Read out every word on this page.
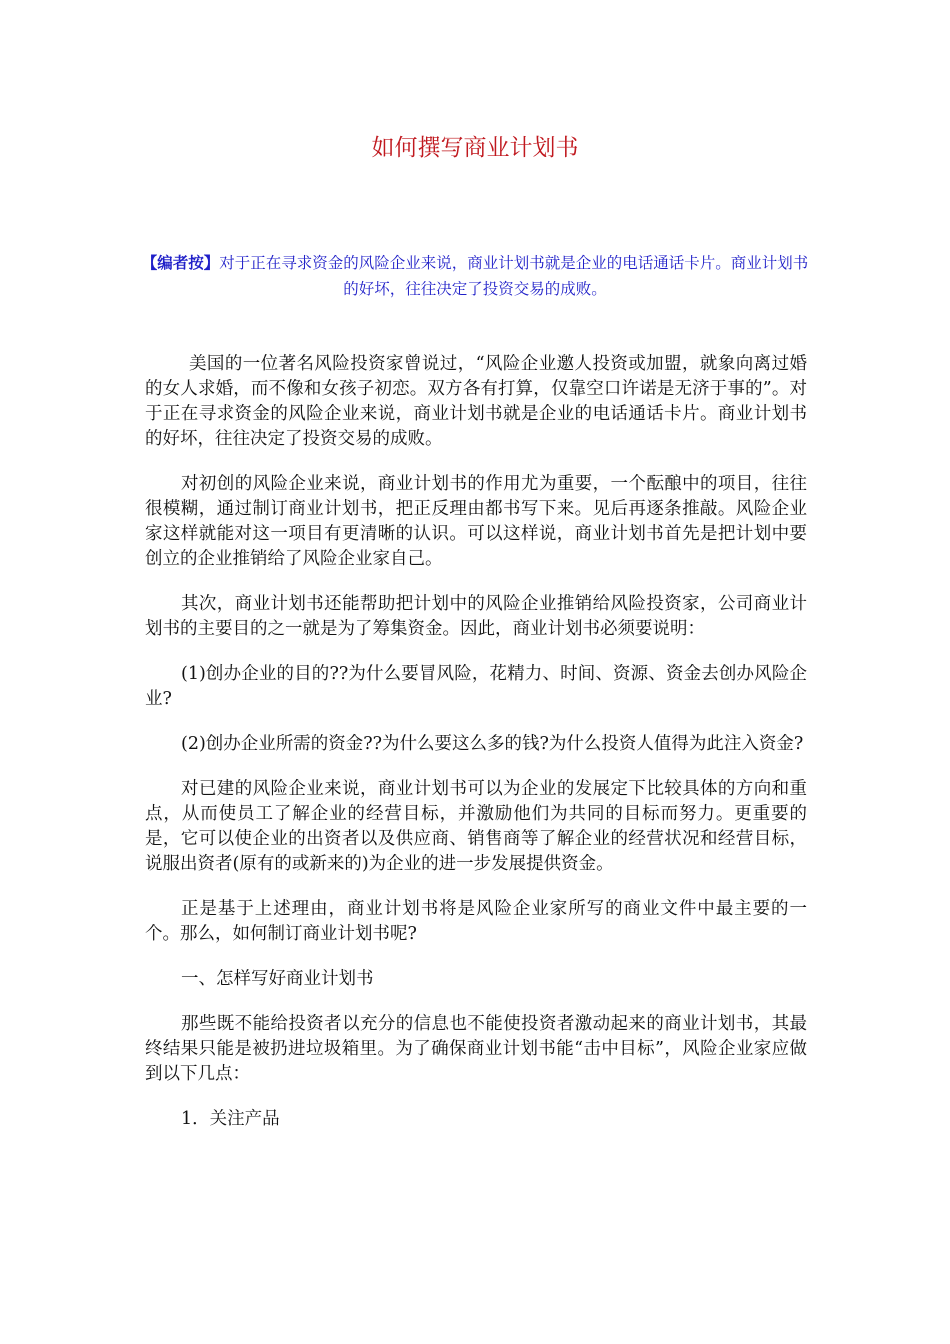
如何撰写商业计划书

【编者按】对于正在寻求资金的风险企业来说，商业计划书就是企业的电话通话卡片。商业计划书的好坏，往往决定了投资交易的成败。

美国的一位著名风险投资家曾说过，“风险企业邀人投资或加盟，就象向离过婚的女人求婚，而不像和女孩子初恋。双方各有打算，仅靠空口许诺是无济于事的”。对于正在寻求资金的风险企业来说，商业计划书就是企业的电话通话卡片。商业计划书的好坏，往往决定了投资交易的成败。

对初创的风险企业来说，商业计划书的作用尤为重要，一个酝酿中的项目，往往很模糊，通过制订商业计划书，把正反理由都书写下来。见后再逐条推敲。风险企业家这样就能对这一项目有更清晰的认识。可以这样说，商业计划书首先是把计划中要创立的企业推销给了风险企业家自己。

其次，商业计划书还能帮助把计划中的风险企业推销给风险投资家，公司商业计划书的主要目的之一就是为了筹集资金。因此，商业计划书必须要说明：

(1)创办企业的目的??为什么要冒风险，花精力、时间、资源、资金去创办风险企业?

(2)创办企业所需的资金??为什么要这么多的钱?为什么投资人值得为此注入资金?

对已建的风险企业来说，商业计划书可以为企业的发展定下比较具体的方向和重点，从而使员工了解企业的经营目标，并激励他们为共同的目标而努力。更重要的是，它可以使企业的出资者以及供应商、销售商等了解企业的经营状况和经营目标，说服出资者(原有的或新来的)为企业的进一步发展提供资金。

正是基于上述理由，商业计划书将是风险企业家所写的商业文件中最主要的一个。那么，如何制订商业计划书呢?

一、怎样写好商业计划书

那些既不能给投资者以充分的信息也不能使投资者激动起来的商业计划书，其最终结果只能是被扔进垃圾箱里。为了确保商业计划书能“击中目标”，风险企业家应做到以下几点：

1．关注产品
